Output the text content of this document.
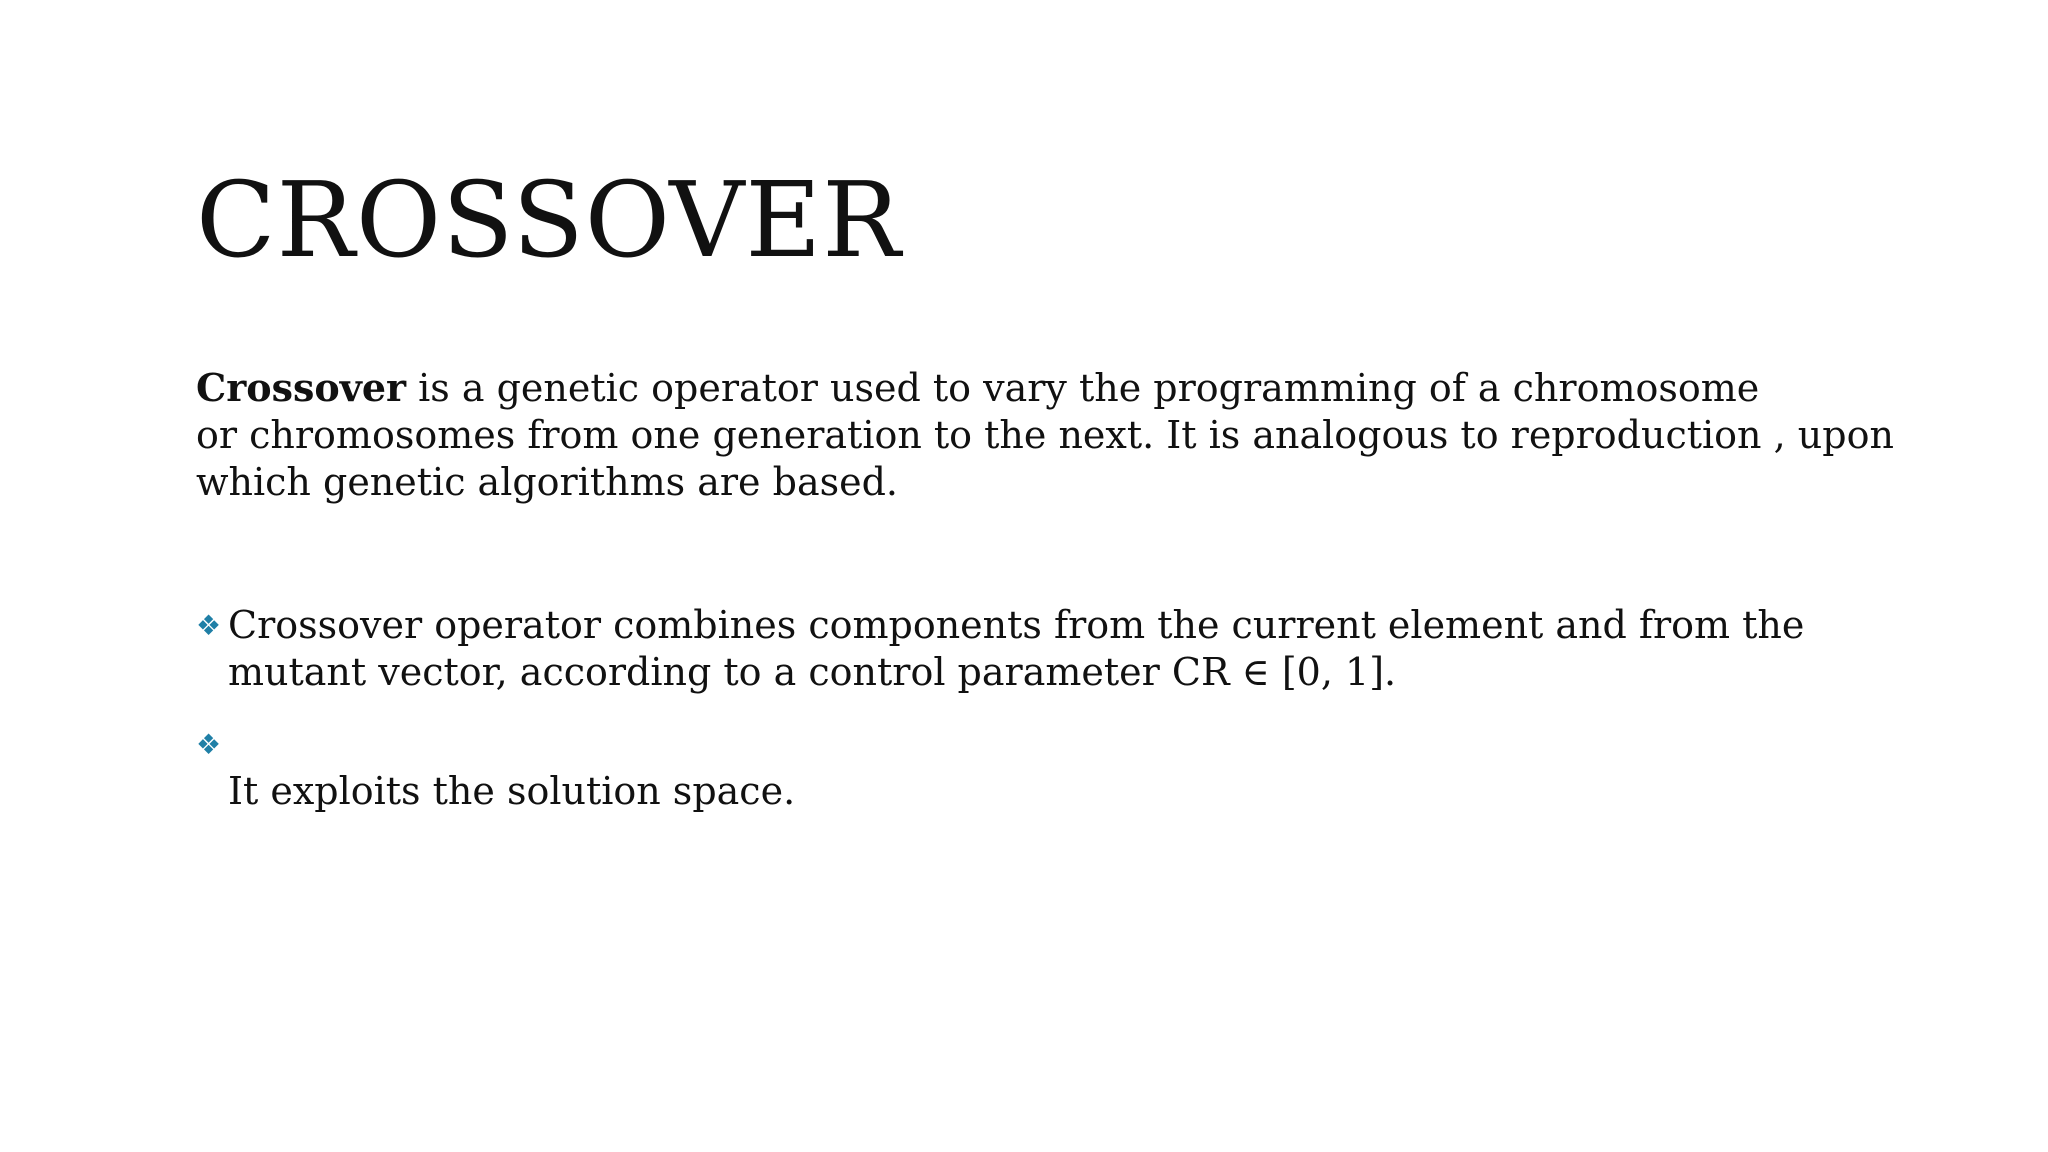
CROSSOVER

Crossover is a genetic operator used to vary the programming of a chromosome
or chromosomes from one generation to the next. It is analogous to reproduction , upon
which genetic algorithms are based.

❖ Crossover operator combines components from the current element and from the
mutant vector, according to a control parameter CR ∈ [0, 1].
❖
It exploits the solution space.
